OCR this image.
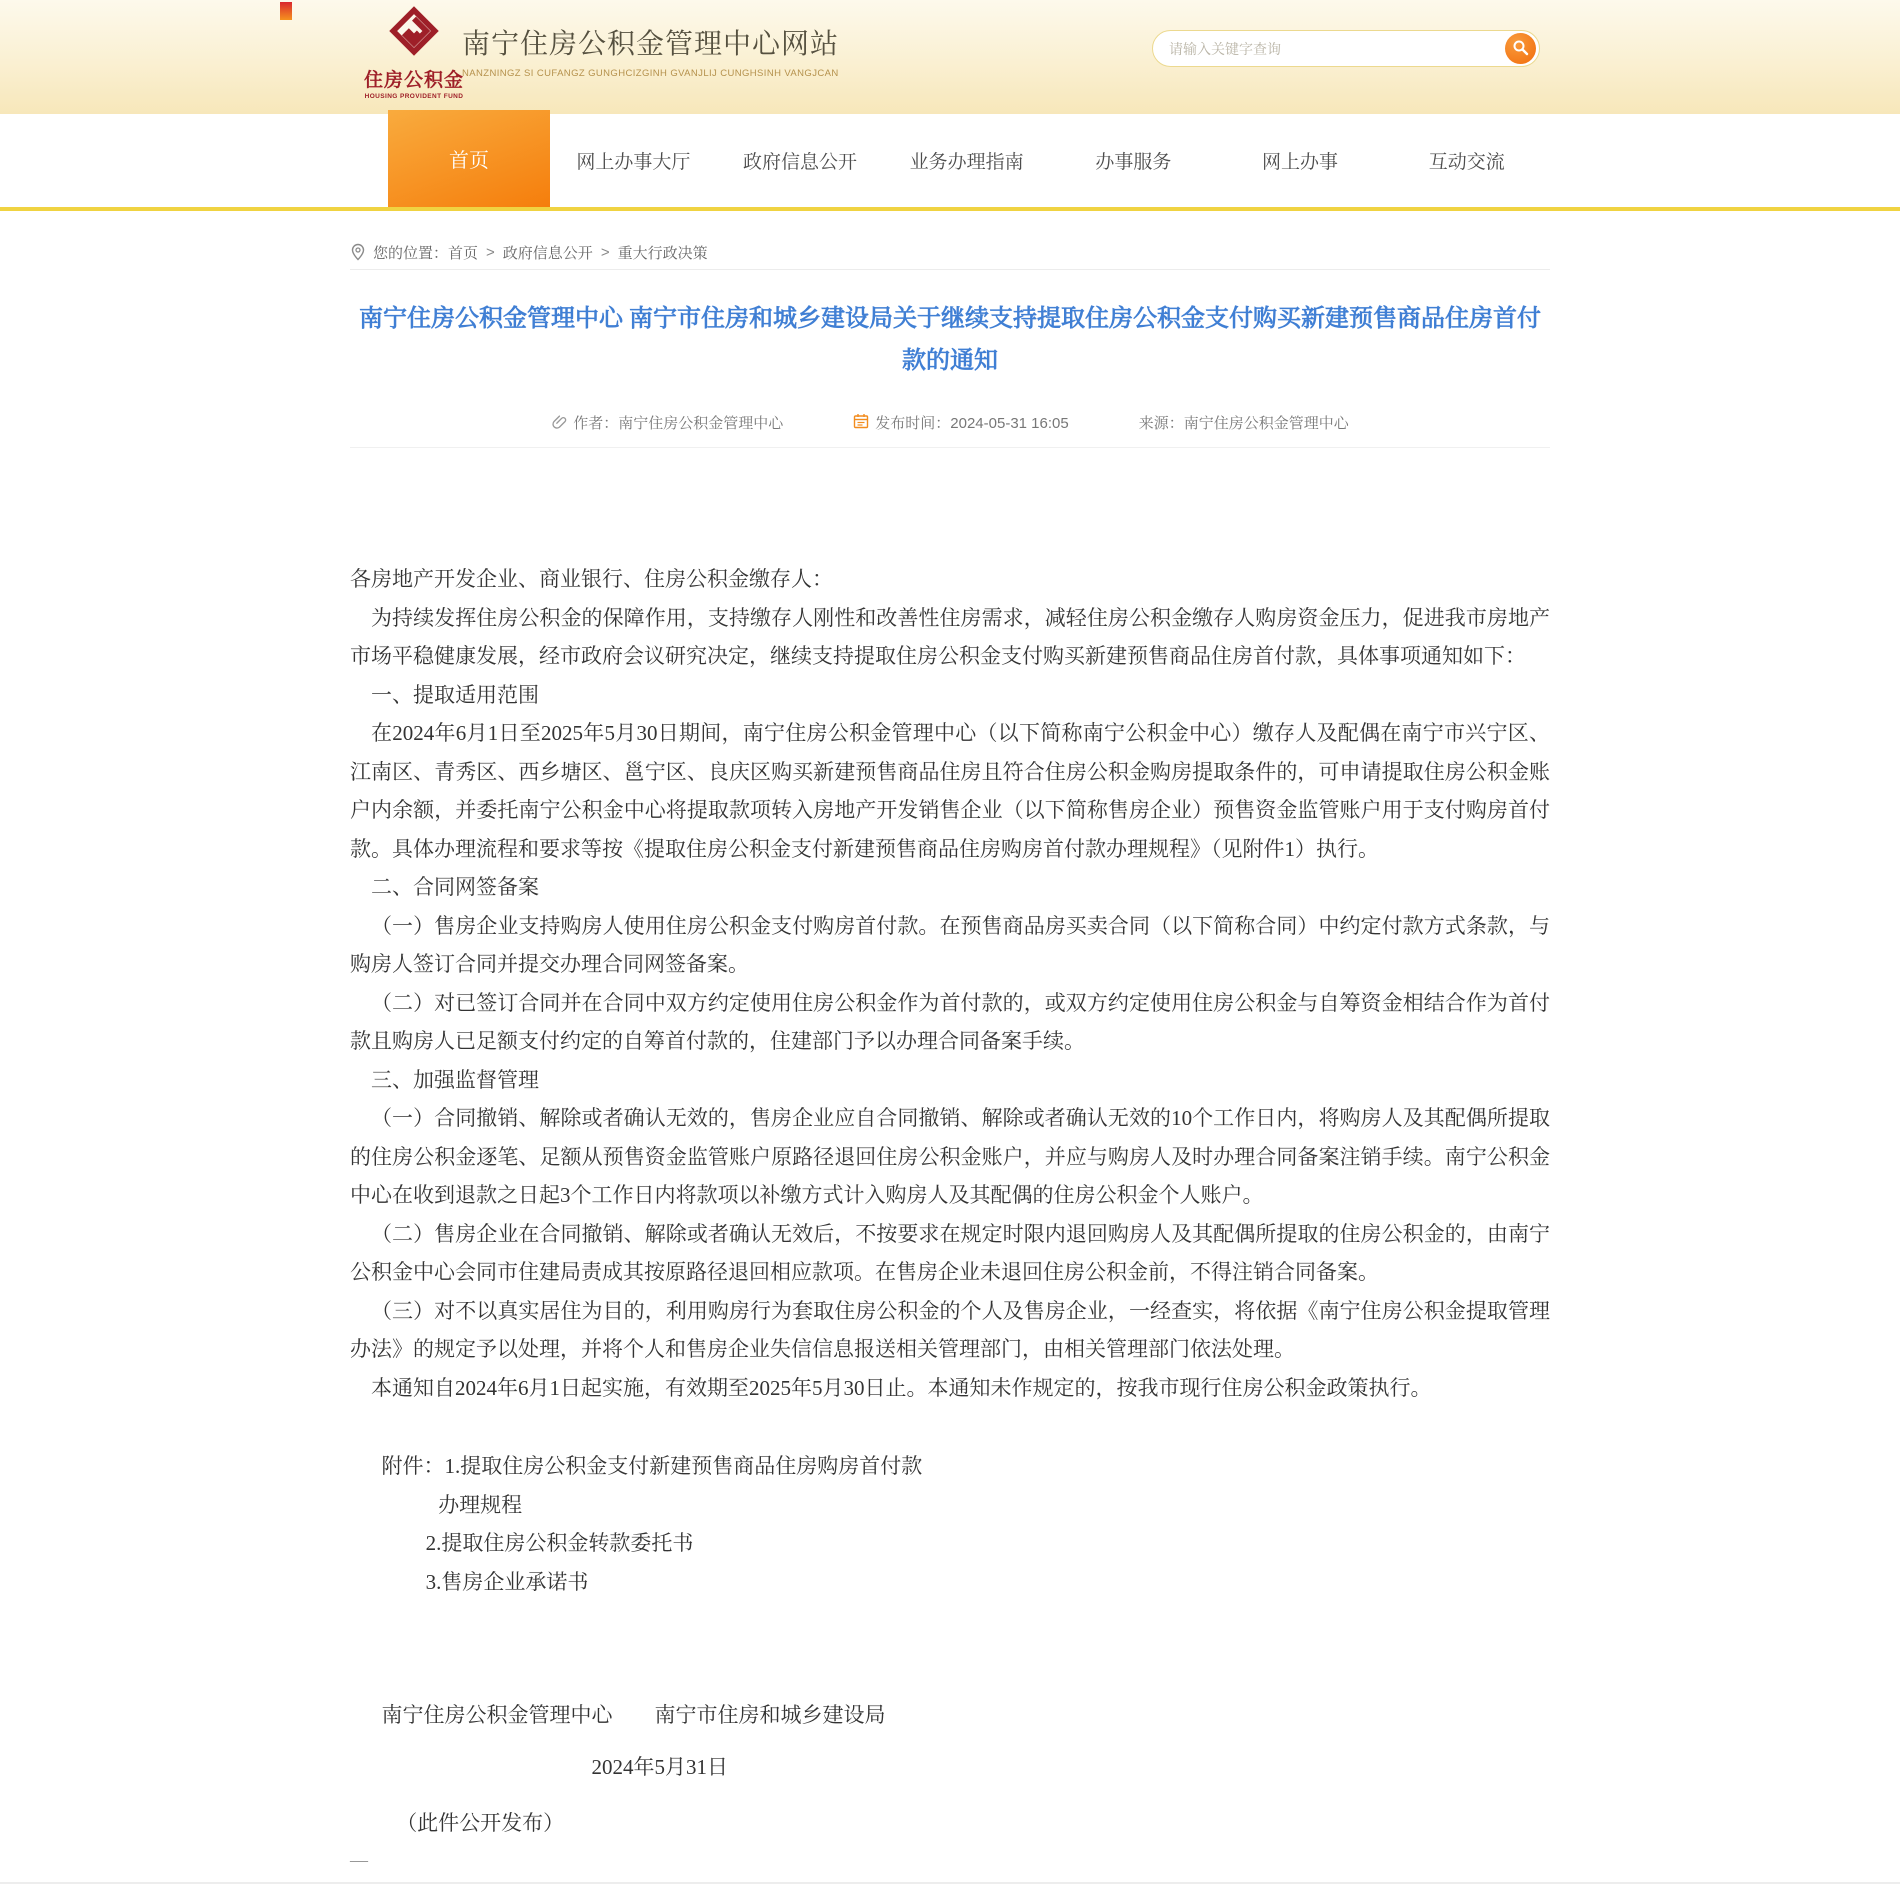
住房公积金
HOUSING PROVIDENT FUND
南宁住房公积金管理中心网站
NANZNINGZ SI CUFANGZ GUNGHCIZGINH GVANJLIJ CUNGHSINH VANGJCAN
请输入关键字查询
首页	网上办事大厅	政府信息公开	业务办理指南	办事服务	网上办事	互动交流
您的位置： 首页 > 政府信息公开 > 重大行政决策
南宁住房公积金管理中心 南宁市住房和城乡建设局关于继续支持提取住房公积金支付购买新建预售商品住房首付款的通知
作者：南宁住房公积金管理中心	发布时间：2024-05-31 16:05	来源：南宁住房公积金管理中心

各房地产开发企业、商业银行、住房公积金缴存人：

为持续发挥住房公积金的保障作用，支持缴存人刚性和改善性住房需求，减轻住房公积金缴存人购房资金压力，促进我市房地产市场平稳健康发展，经市政府会议研究决定，继续支持提取住房公积金支付购买新建预售商品住房首付款，具体事项通知如下：

一、提取适用范围

在2024年6月1日至2025年5月30日期间，南宁住房公积金管理中心（以下简称南宁公积金中心）缴存人及配偶在南宁市兴宁区、江南区、青秀区、西乡塘区、邕宁区、良庆区购买新建预售商品住房且符合住房公积金购房提取条件的，可申请提取住房公积金账户内余额，并委托南宁公积金中心将提取款项转入房地产开发销售企业（以下简称售房企业）预售资金监管账户用于支付购房首付款。具体办理流程和要求等按《提取住房公积金支付新建预售商品住房购房首付款办理规程》（见附件1）执行。

二、合同网签备案

（一）售房企业支持购房人使用住房公积金支付购房首付款。在预售商品房买卖合同（以下简称合同）中约定付款方式条款，与购房人签订合同并提交办理合同网签备案。

（二）对已签订合同并在合同中双方约定使用住房公积金作为首付款的，或双方约定使用住房公积金与自筹资金相结合作为首付款且购房人已足额支付约定的自筹首付款的，住建部门予以办理合同备案手续。

三、加强监督管理

（一）合同撤销、解除或者确认无效的，售房企业应自合同撤销、解除或者确认无效的10个工作日内，将购房人及其配偶所提取的住房公积金逐笔、足额从预售资金监管账户原路径退回住房公积金账户，并应与购房人及时办理合同备案注销手续。南宁公积金中心在收到退款之日起3个工作日内将款项以补缴方式计入购房人及其配偶的住房公积金个人账户。

（二）售房企业在合同撤销、解除或者确认无效后，不按要求在规定时限内退回购房人及其配偶所提取的住房公积金的，由南宁公积金中心会同市住建局责成其按原路径退回相应款项。在售房企业未退回住房公积金前，不得注销合同备案。

（三）对不以真实居住为目的，利用购房行为套取住房公积金的个人及售房企业，一经查实，将依据《南宁住房公积金提取管理办法》的规定予以处理，并将个人和售房企业失信信息报送相关管理部门，由相关管理部门依法处理。

本通知自2024年6月1日起实施，有效期至2025年5月30日止。本通知未作规定的，按我市现行住房公积金政策执行。

附件：1.提取住房公积金支付新建预售商品住房购房首付款

办理规程

2.提取住房公积金转款委托书

3.售房企业承诺书

南宁住房公积金管理中心 南宁市住房和城乡建设局

2024年5月31日

（此件公开发布）

—
